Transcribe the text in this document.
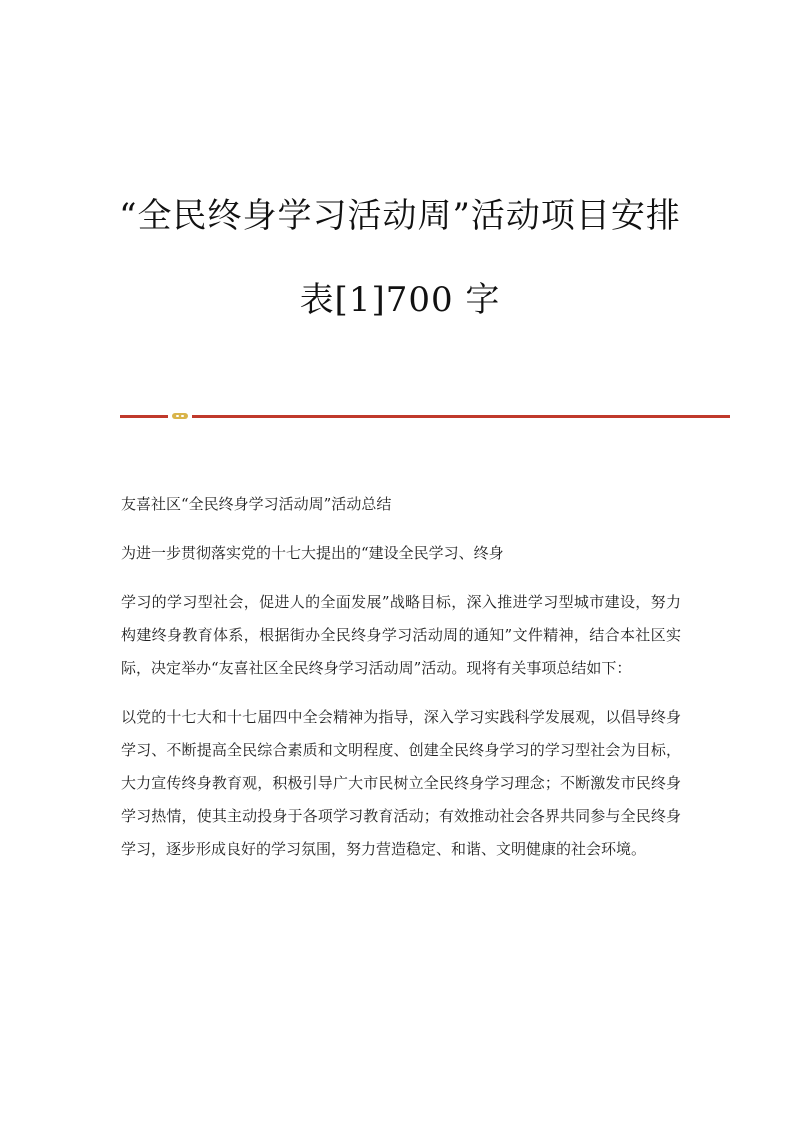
“全民终身学习活动周”活动项目安排
表[1]700 字

友喜社区“全民终身学习活动周”活动总结

为进一步贯彻落实党的十七大提出的“建设全民学习、终身

学习的学习型社会，促进人的全面发展”战略目标，深入推进学习型城市建设，努力构建终身教育体系，根据街办全民终身学习活动周的通知”文件精神，结合本社区实际，决定举办“友喜社区全民终身学习活动周”活动。现将有关事项总结如下：

以党的十七大和十七届四中全会精神为指导，深入学习实践科学发展观，以倡导终身学习、不断提高全民综合素质和文明程度、创建全民终身学习的学习型社会为目标，大力宣传终身教育观，积极引导广大市民树立全民终身学习理念；不断激发市民终身学习热情，使其主动投身于各项学习教育活动；有效推动社会各界共同参与全民终身学习，逐步形成良好的学习氛围，努力营造稳定、和谐、文明健康的社会环境。
